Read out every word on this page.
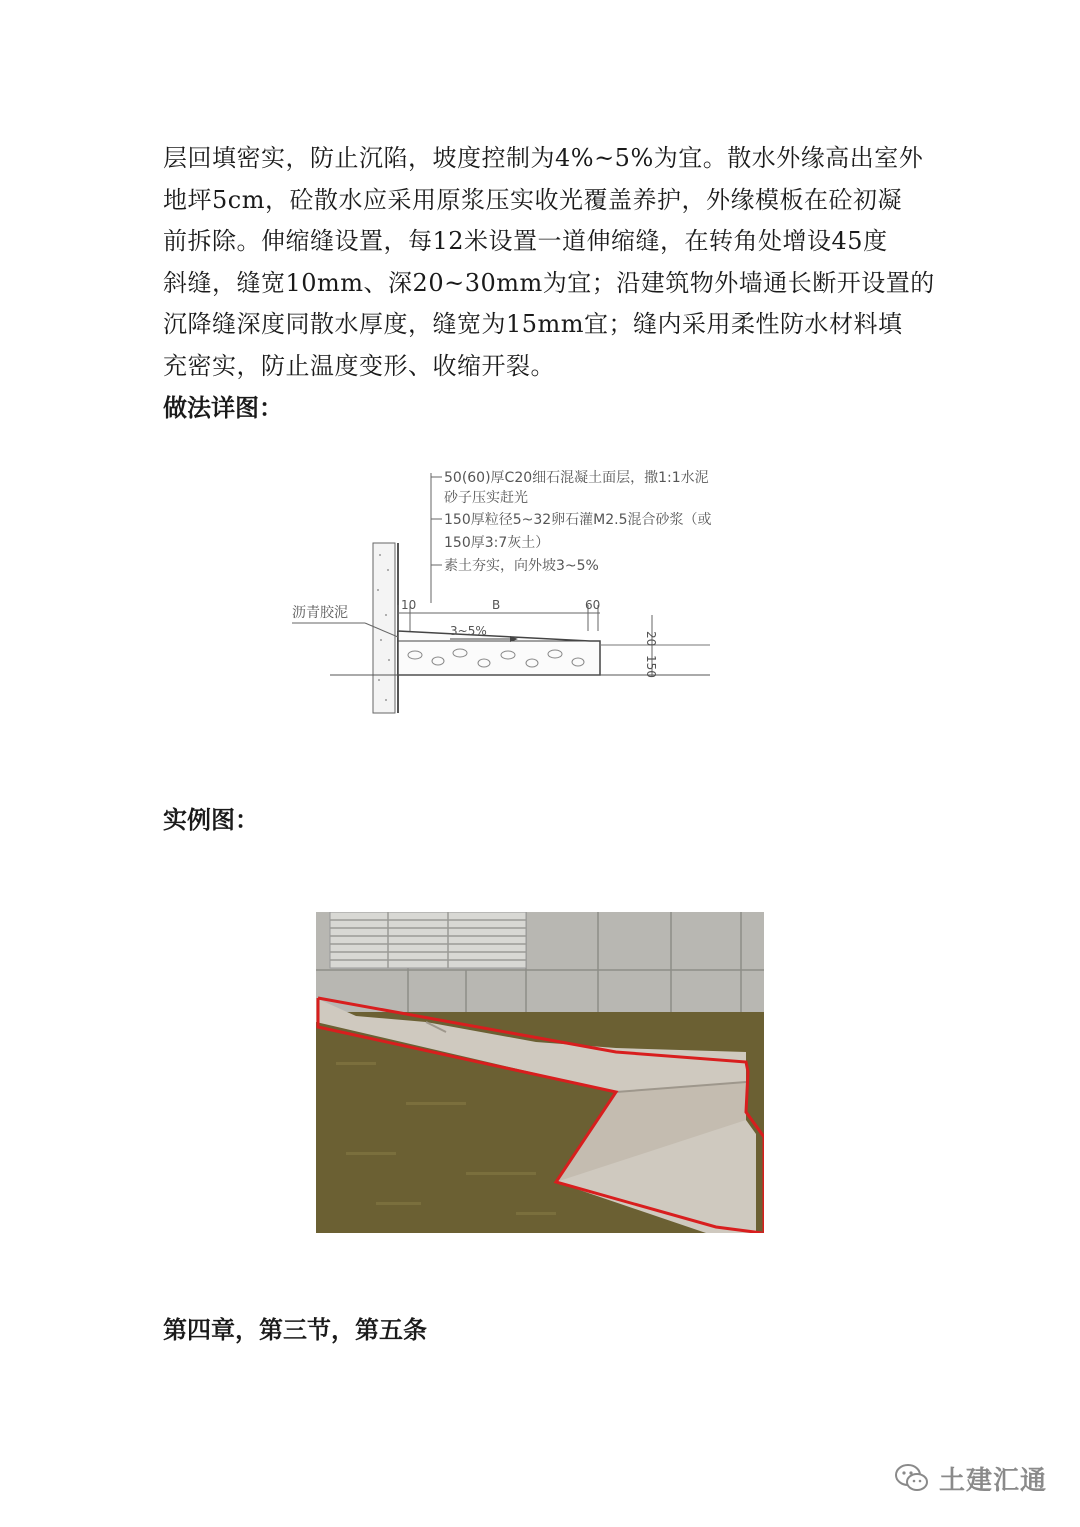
层回填密实，防止沉陷，坡度控制为4%~5%为宜。散水外缘高出室外
地坪5cm，砼散水应采用原浆压实收光覆盖养护，外缘模板在砼初凝
前拆除。伸缩缝设置，每12米设置一道伸缩缝，在转角处增设45度
斜缝，缝宽10mm、深20~30mm为宜；沿建筑物外墙通长断开设置的
沉降缝深度同散水厚度，缝宽为15mm宜；缝内采用柔性防水材料填
充密实，防止温度变形、收缩开裂。
做法详图：
50(60)厚C20细石混凝土面层，撒1:1水泥
砂子压实赶光
150厚粒径5~32卵石灌M2.5混合砂浆（或
150厚3:7灰土）
素土夯实，向外坡3~5%
沥青胶泥	10	B	60
3~5%	20
150
实例图：
第四章，第三节，第五条
土建汇通
